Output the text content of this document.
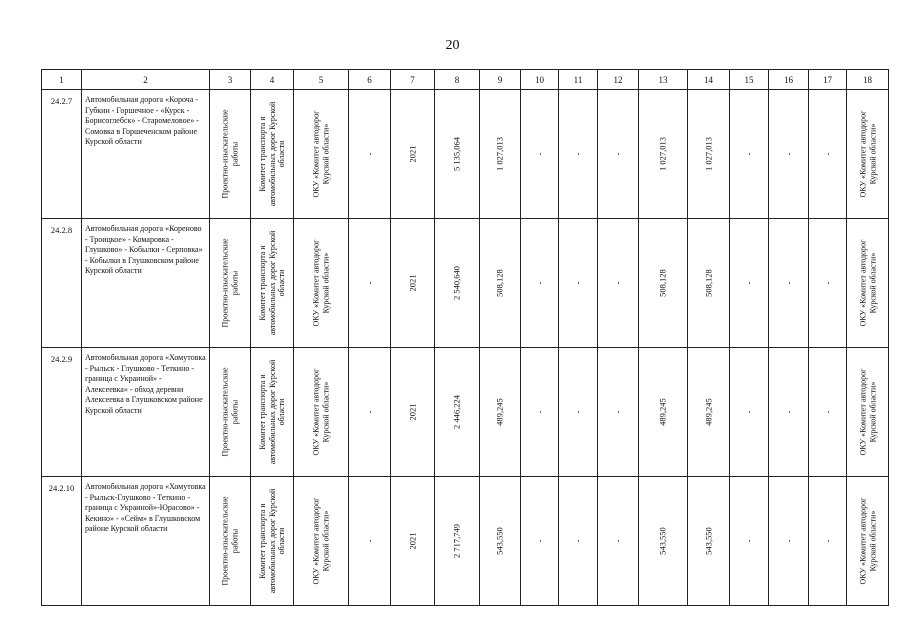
20
1	2	3	4	5	6	7	8	9	10	11	12	13	14	15	16	17	18
24.2.7	Автомобильная дорога «Короча - Губкин - Горшечное - «Курск - Борисоглебск» - Старомеловое» - Сомовка в Горшеченском районе Курской области	Проектно-изыскательские работы	Комитет транспорта и автомобильных дорог Курской области	ОКУ «Комитет автодорог Курской области»	-	2021	5 135,064	1 027,013	-	-	-	1 027,013	1 027,013	-	-	-	ОКУ «Комитет автодорог Курской области»

24.2.8	Автомобильная дорога «Кореново - Троицкое» - Комаровка - Глушково» - Кобылки - Серповка» - Кобылки в Глушковском районе Курской области	Проектно-изыскательские работы	Комитет транспорта и автомобильных дорог Курской области	ОКУ «Комитет автодорог Курской области»	-	2021	2 540,640	508,128	-	-	-	508,128	508,128	-	-	-	ОКУ «Комитет автодорог Курской области»

24.2.9	Автомобильная дорога «Хомутовка - Рыльск - Глушково - Теткино - граница с Украиной» - Алексеевка» - обход деревни Алексеевка в Глушковском районе Курской области	Проектно-изыскательские работы	Комитет транспорта и автомобильных дорог Курской области	ОКУ «Комитет автодорог Курской области»	-	2021	2 446,224	489,245	-	-	-	489,245	489,245	-	-	-	ОКУ «Комитет автодорог Курской области»

24.2.10	Автомобильная дорога «Хомутовка - Рыльск-Глушково - Теткино - граница с Украиной»-Юрасово» - Кекино» - «Сейм» в Глушковском районе Курской области	Проектно-изыскательские работы	Комитет транспорта и автомобильных дорог Курской области	ОКУ «Комитет автодорог Курской области»	-	2021	2 717,749	543,550	-	-	-	543,550	543,550	-	-	-	ОКУ «Комитет автодорог Курской области»
